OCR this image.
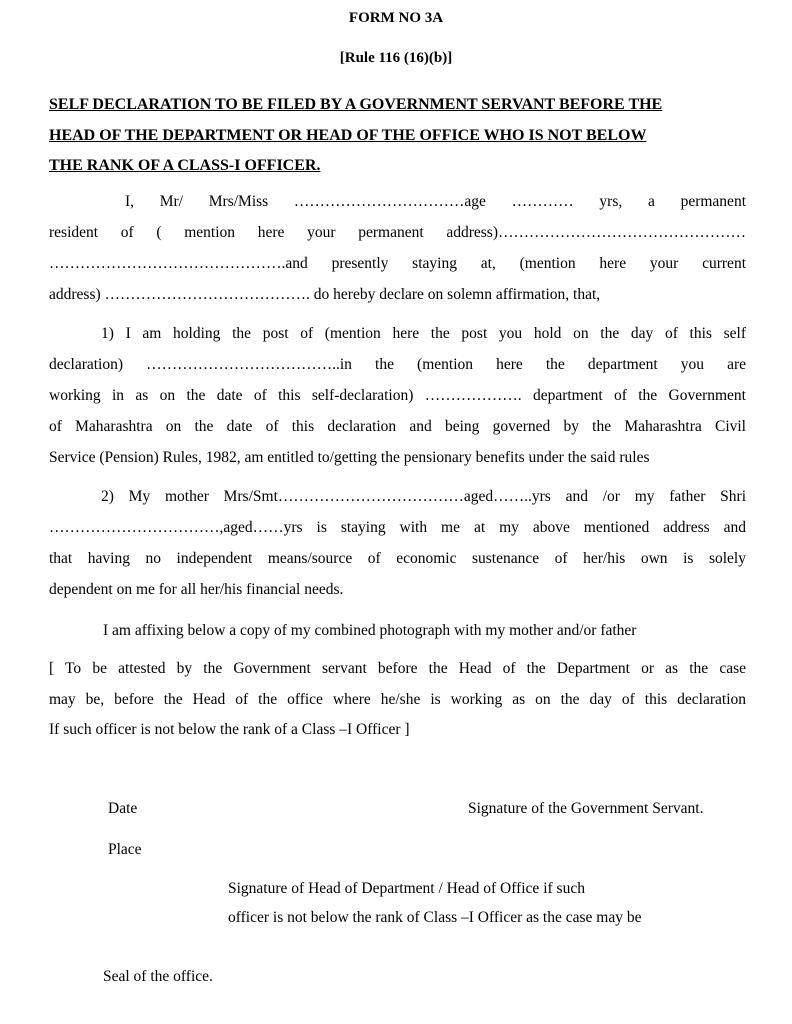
FORM NO 3A
[Rule 116 (16)(b)]
SELF DECLARATION TO BE FILED BY A GOVERNMENT SERVANT BEFORE THE
HEAD OF THE DEPARTMENT OR HEAD OF THE OFFICE WHO IS NOT BELOW
THE RANK OF A CLASS-I OFFICER.
I, Mr/ Mrs/Miss ……………………………age ………… yrs, a permanent
resident of ( mention here your permanent address)…………………………………………
……………………………………….and presently staying at, (mention here your current
address) …………………………………. do hereby declare on solemn affirmation, that,
1) I am holding the post of (mention here the post you hold on the day of this self
declaration) ………………………………..in the (mention here the department you are
working in as on the date of this self-declaration) ………………. department of the Government
of Maharashtra on the date of this declaration and being governed by the Maharashtra Civil
Service (Pension) Rules, 1982, am entitled to/getting the pensionary benefits under the said rules
2) My mother Mrs/Smt………………………………aged……..yrs and /or my father Shri
……………………………,aged……yrs is staying with me at my above mentioned address and
that having no independent means/source of economic sustenance of her/his own is solely
dependent on me for all her/his financial needs.
I am affixing below a copy of my combined photograph with my mother and/or father
[ To be attested by the Government servant before the Head of the Department or as the case
may be, before the Head of the office where he/she is working as on the day of this declaration
If such officer is not below the rank of a Class –I Officer ]
Date	Signature of the Government Servant.
Place
Signature of Head of Department / Head of Office if such
officer is not below the rank of Class –I Officer as the case may be
Seal of the office.
